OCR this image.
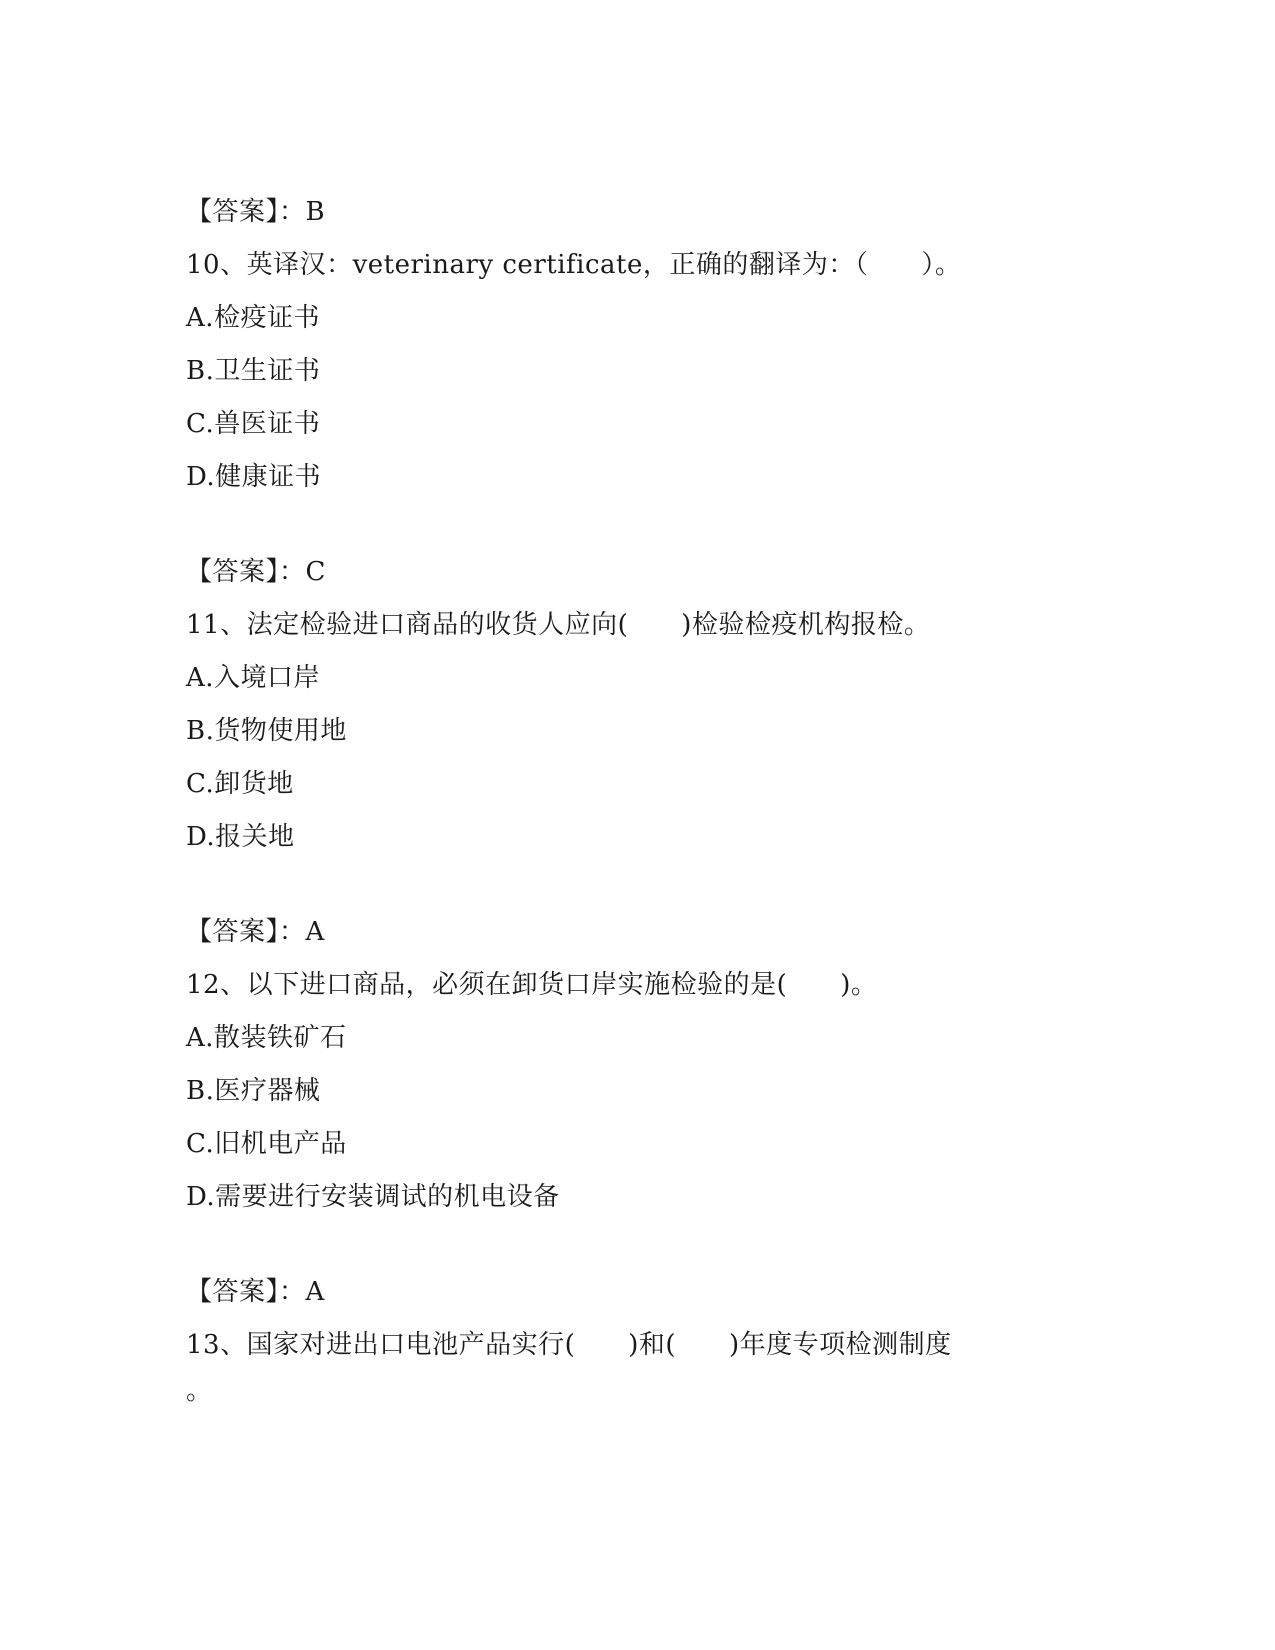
【答案】：B
10、英译汉：veterinary certificate，正确的翻译为：（　　）。
A.检疫证书
B.卫生证书
C.兽医证书
D.健康证书
【答案】：C
11、法定检验进口商品的收货人应向(　　)检验检疫机构报检。
A.入境口岸
B.货物使用地
C.卸货地
D.报关地
【答案】：A
12、以下进口商品，必须在卸货口岸实施检验的是(　　)。
A.散装铁矿石
B.医疗器械
C.旧机电产品
D.需要进行安装调试的机电设备
【答案】：A
13、国家对进出口电池产品实行(　　)和(　　)年度专项检测制度
。
